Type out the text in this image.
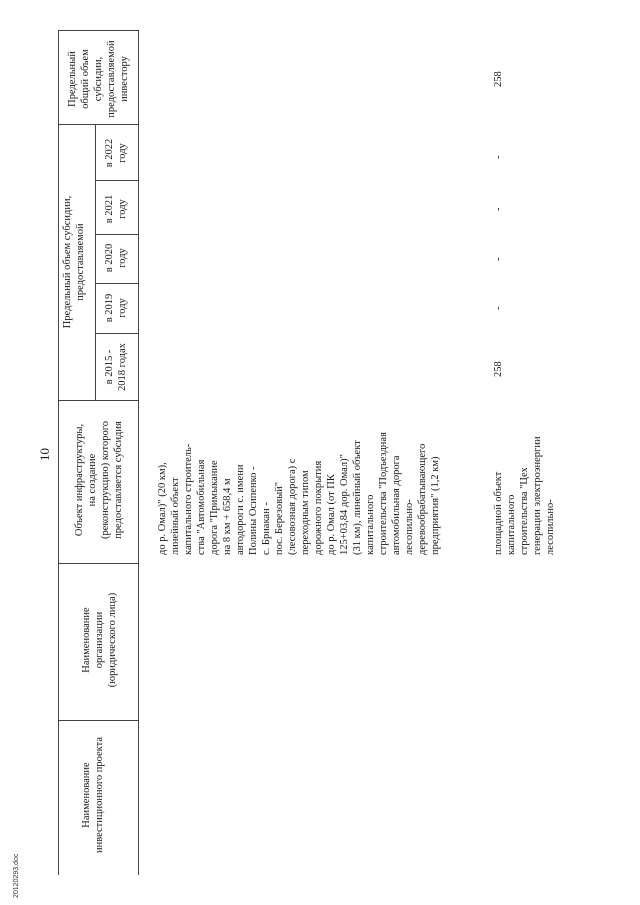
10
Наименование инвестиционного проекта
Наименование организации (юридического лица)
Объект инфраструктуры, на создание (реконструкцию) которого предоставляется субсидия
Предельный объем субсидии, предоставляемой
в 2015 - 2018 годах
в 2019 году
в 2020 году
в 2021 году
в 2022 году
Предельный общий объем субсидии, предоставляемой инвестору
до р. Омал)" (20 км), линейный объект капитального строитель- ства "Автомобильная дорога "Примыкание на 8 км + 658,4 м автодороги с. имени Полины Осипенко - с. Бриакан - пос. Березовый" (лесовозная дорога) с переходным типом дорожного покрытия до р. Омал (от ПК 125+03,84 дор. Омал)" (31 км), линейный объект капитального строительства "Подъездная автомобильная дорога лесопильно- деревообрабатывающего предприятия" (1,2 км)
258
-
-
-
-
258
площадной объект капитального строительства "Цех генерации электроэнергии лесопильно-
20120293.doc
